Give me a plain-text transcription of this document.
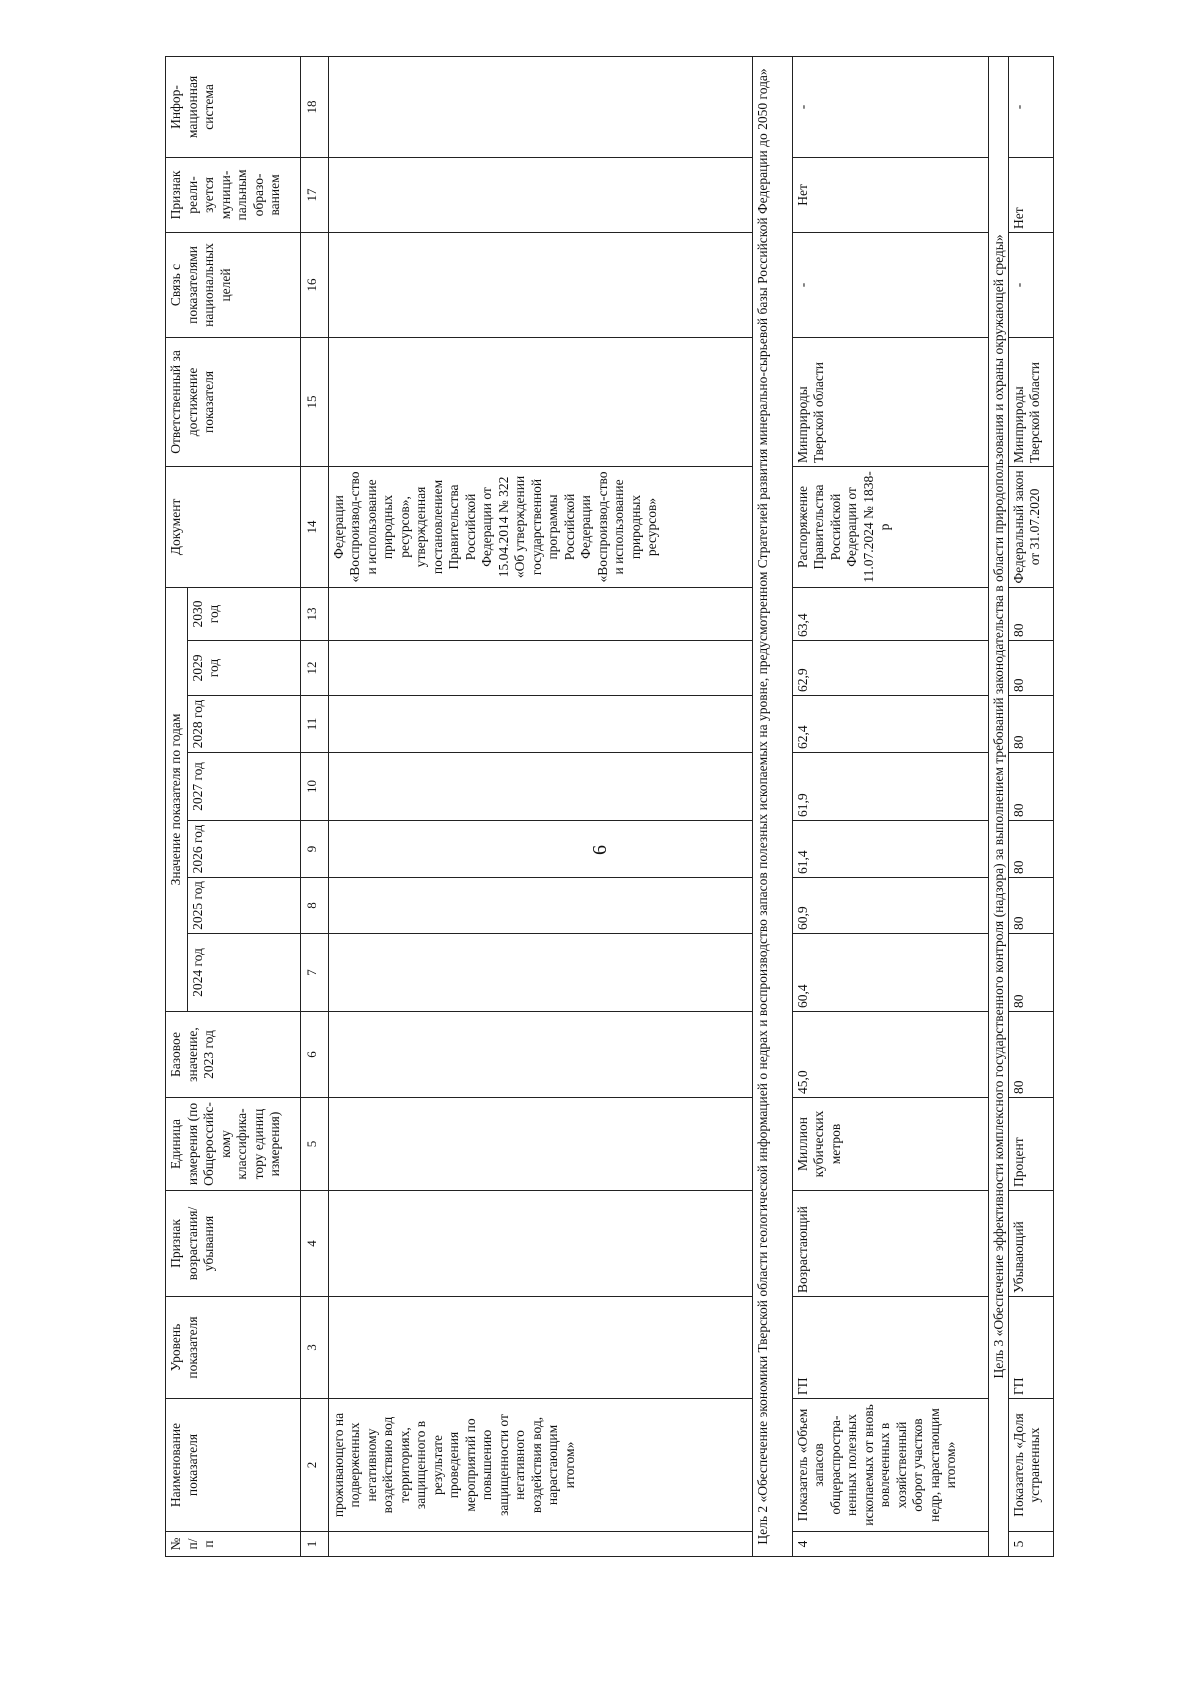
6
№ п/п	Наименование показателя	Уровень показателя	Признак возрастания/ убывания	Единица измерения (по Общероссийс-кому классифика-тору единиц измерения)	Базовое значение, 2023 год	Значение показателя по годам							Документ	Ответственный за достижение показателя	Связь с показателями национальных целей	Признак реали-зуется муници-пальным образо-ванием	Инфор-мационная система
						2024 год	2025 год	2026 год	2027 год	2028 год	2029 год	2030 год					
1	2	3	4	5	6	7	8	9	10	11	12	13	14	15	16	17	18
	проживающего на подверженных негативному воздействию вод территориях, защищенного в результате проведения мероприятий по повышению защищенности от негативного воздействия вод, нарастающим итогом»												Федерации «Воспроизвод-ство и использование природных ресурсов», утвержденная постановлением Правительства Российской Федерации от 15.04.2014 № 322 «Об утверждении государственной программы Российской Федерации «Воспроизвод-ство и использование природных ресурсов»				
Цель 2 «Обеспечение экономики Тверской области геологической информацией о недрах и воспроизводство запасов полезных ископаемых на уровне, предусмотренном Стратегией развития минерально-сырьевой базы Российской Федерации до 2050 года»																	
4	Показатель «Объем запасов общераспростра-ненных полезных ископаемых от вновь вовлеченных в хозяйственный оборот участков недр, нарастающим итогом»	ГП	Возрастающий	Миллион кубических метров	45,0	60,4	60,9	61,4	61,9	62,4	62,9	63,4	Распоряжение Правительства Российской Федерации от 11.07.2024 № 1838-р	Минприроды Тверской области	-	Нет	-
Цель 3 «Обеспечение эффективности комплексного государственного контроля (надзора) за выполнением требований законодательства в области природопользования и охраны окружающей среды»																	
5	Показатель «Доля устраненных	ГП	Убывающий	Процент	80	80	80	80	80	80	80	80	Федеральный закон от 31.07.2020	Минприроды Тверской области	-	Нет	-
